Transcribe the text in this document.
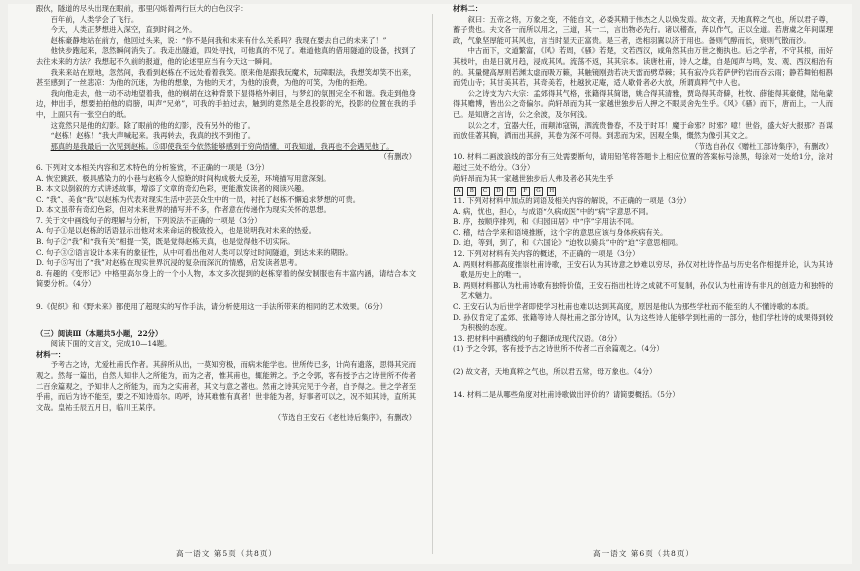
跟伙，隧道的尽头出现在眼前，那里闪烁着两行巨大的白色汉字：

百年前，人类学会了飞行。

今天，人类正梦想进入深空，直到时间之外。

赵栋豪静地站在前方，他回过头来，说：“你不是问我和未来有什么关系吗？我现在要去自己的未来了！”

他快步跑起来，忽然瞬间消失了。我走出隧道，四处寻找，可他真的不见了。难道他真的借用隧道的设备，找到了去往未来的方法？我想起不久前的报道，他的论述里应当有今天这一瞬间。

我来来站在原地，忽然间，我看到赵栋在不远处看着我笑。原来他是跟我玩魔术，玩障眼法，我想笑却笑不出来，甚至感到了一丝悲凉：为他的沉迷，为他的想象，为他的天才，为他的浪费，为他的可笑，为他的拒绝。

我向他走去，他一动不动地望着我，他的剃胡在这种背景下显得格外刺目，与梦幻的氛围完全不和谐。我走到他身边，伸出手，想要拍拍他的肩膀，叫声“兄弟”，可我的手拍过去，触到的竟然是全息投影的光，投影的位置在我的手中，上面只有一张空白的纸。

这竟然只是他的幻影。除了眼前的他的幻影，没有另外的他了。

“赵栋！赵栋！”我大声喊起来。我再转去，我真的找不到他了。

那真的是我最后一次见到赵栋。⑤即使我至今依然能够感到于穷尚悟懂，可我知道，我再也不会遇见他了。

（有删改）

6. 下列对文本相关内容和艺术特色的分析鉴赏，不正确的一项是（3分）

A. 恢宏跳跃、极具感染力的小巷与赵栋令人惊艳的时间构成极大反差，环境描写用意深刻。

B. 本文以倒叙的方式讲述故事，增添了文章的奇幻色彩，更能激发读者的阅读兴趣。

C. “我”、美食“我”以赵栋为代表对现实生活中芸芸众生中的一员，衬托了赵栋不懈追求梦想的可贵。

D. 本文虽带有奇幻色彩，但对未来世界的描写并不多，作者意在传递作为现实关怀的思想。

7. 关于文中画线句子的理解与分析，下列说法不正确的一项是（3分）

A. 句子①是以赵栋的话语显示出他对未来命运的极致投入，也是说明我对未来的热爱。

B. 句子②“我”和“我有关”相提一笑，既是觉得赵栋天真，也是觉得他不切实际。

C. 句子③②语言设计本来有的象征性，从中可看出他对人类可以穿过时间隧道，到达未来的期盼。

D. 句子⑤写出了“我”对赵栋在现实世界沉浸的复杂而深沉的情感，启发读者思考。

8. 有趣的《变形记》中格里高尔身上的一个小人物，本文多次提到的赵栋穿着的保安制服也有丰富内涵，请结合本文简要分析。（4分）

9.《促织》和《野未来》都使用了超现实的写作手法，请分析使用这一手法所带来的相同的艺术效果。（6分）

（三）阅读Ⅲ（本题共5小题，22分）

阅读下面的文言文，完成10—14题。

材料一：

予考古之诗，尤爱杜甫氏作者。其辞所从出，一莫知穷极，而病未能学也。世所传已多，计尚有遗落，思得其完而观之。然每一篇出，自然人知非人之所能为，而为之者，惟其甫也，辄能辨之。予之令郭，客有授予古之诗世所不传者二百余篇观之，予知非人之所能为，而为之实甫者，其文与意之著也。然甫之诗其完见于今者，自予得之。世之学者至乎甫，而后为诗不能至，要之不知诗焉尔。呜呼，诗其难惟有真者！世非能为者，好事者可以之，况不知其诗，直所其文哉。皇祐壬辰五月日，临川王某序。

（节选自王安石《老杜诗后集序》，有删改）

高一语文 第5页（共8页）

材料二：

叙曰：五帝之将，万象之变，不能自文，必委其精于伟杰之人以焕发焉。故文者，天地真粹之气也，所以君子尊，蓄子贵也。夫文各一而所以用之，三道，其一二，言出物必先行。诸以稽查，奔以作气，正以全道。若唐虞之年间谋理政，气象坚厚能可其风也，言当时显天正富贵。是三者，迭相羽翼以济于用也。备则气醇而长，衰则气散而沙。

中古而下，文道繁富，《风》若周，《骚》若楚，文若西汉，咸角然其由万世之衡执也。后之学者，不守其根，而好其枝叶，由是日就月趋，浸成其风。流荡不返，其其宗本。读唐杜甫，诗人之雄，自是闻声与鸣，发、观、西汉相治有的。其量健高厚则若渊太虚而吸万籁，其触镜刚劲若决天雷而劈草棘；其有寂冷兵若萨伊钓岩而吞云雨；静若舞铂相斟而凭山寺；其甘美其若，其奇美若，杜越狄疋庵，适人歇骨者必大放，所谓真粹气中人也。

公之诗支为六大宗：孟郊得其气格，张籍得其简谐，姚合得其清雅，贾岛得其奇僻，杜牧、薛能得其豪健，陆龟蒙得其赡博，皆出公之奇偏尔。尚轩昂而为其一家越世独步后人押之不眼灵舍先生乎。《风》《骚》而下，唐而上，一人而已。是知唐之言诗，公之余波，及尔何浅。

以公之才，宜器大任，而颠沛寇锅，泗流贵鲁春，不及于时耳！魔于命邪？时邪？噫！世俗，盛大好大报那？吾谋而放佳著其胸，洒而出其辞，其卷为深不可得。到悲而为宋，因观全集，慨然为像引其文之。

（节选自孙仅《赠杜工部诗集序》，有删改）

10. 材料二画波浪线的部分有三处需要断句，请用铅笔将答题卡上相应位置的答案标号涂黑，每涂对一处给1分，涂对超过三处不给分。（3分）

尚轩昂而为其一家越世独步后人弗及者必其先生乎

A B C D E F G H

11. 下列对材料中加点的词语及相关内容的解说，不正确的一项是（3分）

A. 病，忧也，担心，与成语“久病成医”中的“病”字意思不同。

B. 序，按顺序排列，和《归园田居》中“序”字用法不同。

C. 稽，结合学来和语境推断，这个字的意思应该与身体疾病有关。

D. 迫，等到，到了，和《六国论》“迫牧以骑兵”中的“迫”字意思相同。

12. 下列对材料有关内容的概述，不正确的一项是（3分）

A. 两则材料都高度推崇杜甫诗歌，王安石认为其诗意之妙难以穷尽，孙仅对杜诗作品与历史名作相提并论，认为其诗歌是历史上的唯一。

B. 两则材料都认为杜甫诗歌有独特价值，王安石指出杜诗之成就不可复制，孙仅认为杜甫诗有非凡的创造力和独特的艺术魅力。

C. 王安石认为后世学者即使学习杜甫也难以达到其高度，原因是他认为那些学杜而不能至的人不懂诗歌的本质。

D. 孙仅肯定了孟郊、张籍等诗人得杜甫之部分诗风，认为这些诗人能够学到杜甫的一部分，他们学杜诗的成果得到较为积极的态度。

13. 把材料中画横线的句子翻译成现代汉语。（8分）

(1) 予之令郭，客有授予古之诗世所不传者二百余篇观之。（4分）

(2) 故文者，天地真粹之气也，所以君五常，母万象也。（4分）

14. 材料二是从哪些角度对杜甫诗歌做出评价的？请简要概括。（5分）

高一语文 第6页（共8页）
